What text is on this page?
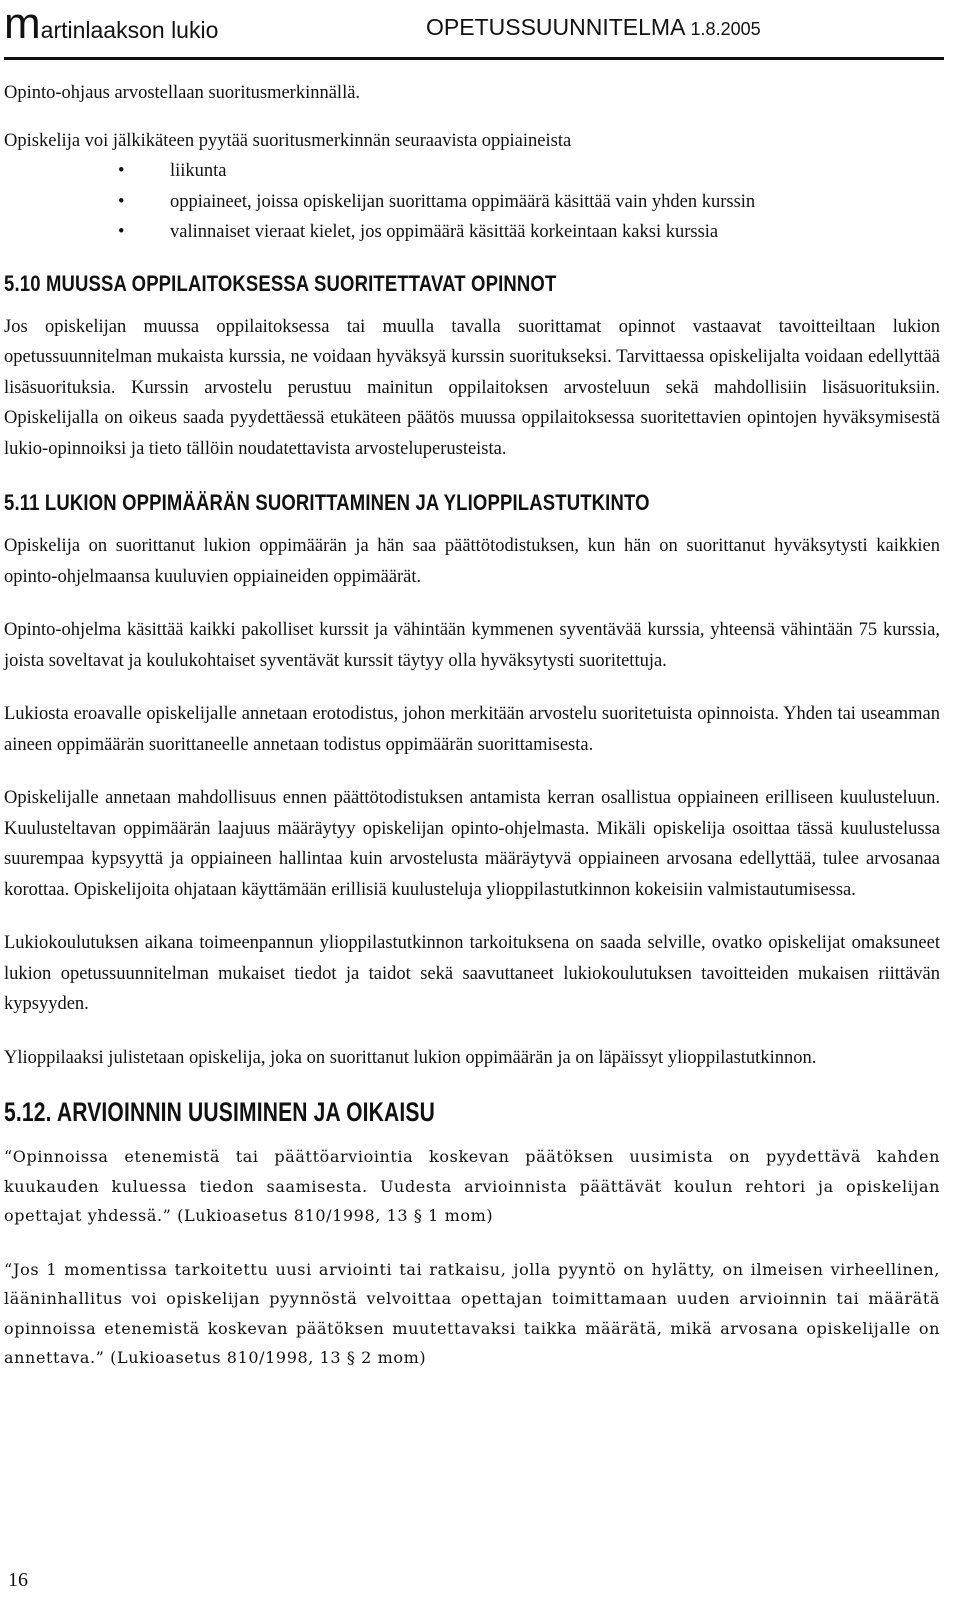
martinlaakson lukio	OPETUSSUUNNITELMA 1.8.2005

Opinto-ohjaus arvostellaan suoritusmerkinnällä.

Opiskelija voi jälkikäteen pyytää suoritusmerkinnän seuraavista oppiaineista

• liikunta
• oppiaineet, joissa opiskelijan suorittama oppimäärä käsittää vain yhden kurssin
• valinnaiset vieraat kielet, jos oppimäärä käsittää korkeintaan kaksi kurssia
5.10 MUUSSA OPPILAITOKSESSA SUORITETTAVAT OPINNOT

Jos opiskelijan muussa oppilaitoksessa tai muulla tavalla suorittamat opinnot vastaavat tavoitteiltaan lukion opetussuunnitelman mukaista kurssia, ne voidaan hyväksyä kurssin suoritukseksi. Tarvittaessa opiskelijalta voidaan edellyttää lisäsuorituksia. Kurssin arvostelu perustuu mainitun oppilaitoksen arvosteluun sekä mahdollisiin lisäsuorituksiin. Opiskelijalla on oikeus saada pyydettäessä etukäteen päätös muussa oppilaitoksessa suoritettavien opintojen hyväksymisestä lukio-opinnoiksi ja tieto tällöin noudatettavista arvosteluperusteista.

5.11 LUKION OPPIMÄÄRÄN SUORITTAMINEN JA YLIOPPILASTUTKINTO

Opiskelija on suorittanut lukion oppimäärän ja hän saa päättötodistuksen, kun hän on suorittanut hyväksytysti kaikkien opinto-ohjelmaansa kuuluvien oppiaineiden oppimäärät.

Opinto-ohjelma käsittää kaikki pakolliset kurssit ja vähintään kymmenen syventävää kurssia, yhteensä vähintään 75 kurssia, joista soveltavat ja koulukohtaiset syventävät kurssit täytyy olla hyväksytysti suoritettuja.

Lukiosta eroavalle opiskelijalle annetaan erotodistus, johon merkitään arvostelu suoritetuista opinnoista. Yhden tai useamman aineen oppimäärän suorittaneelle annetaan todistus oppimäärän suorittamisesta.

Opiskelijalle annetaan mahdollisuus ennen päättötodistuksen antamista kerran osallistua oppiaineen erilliseen kuulusteluun. Kuulusteltavan oppimäärän laajuus määräytyy opiskelijan opinto-ohjelmasta. Mikäli opiskelija osoittaa tässä kuulustelussa suurempaa kypsyyttä ja oppiaineen hallintaa kuin arvostelusta määräytyvä oppiaineen arvosana edellyttää, tulee arvosanaa korottaa. Opiskelijoita ohjataan käyttämään erillisiä kuulusteluja ylioppilastutkinnon kokeisiin valmistautumisessa.

Lukiokoulutuksen aikana toimeenpannun ylioppilastutkinnon tarkoituksena on saada selville, ovatko opiskelijat omaksuneet lukion opetussuunnitelman mukaiset tiedot ja taidot sekä saavuttaneet lukiokoulutuksen tavoitteiden mukaisen riittävän kypsyyden.

Ylioppilaaksi julistetaan opiskelija, joka on suorittanut lukion oppimäärän ja on läpäissyt ylioppilastutkinnon.

5.12. ARVIOINNIN UUSIMINEN JA OIKAISU

“Opinnoissa etenemistä tai päättöarviointia koskevan päätöksen uusimista on pyydettävä kahden kuukauden kuluessa tiedon saamisesta. Uudesta arvioinnista päättävät koulun rehtori ja opiskelijan opettajat yhdessä.” (Lukioasetus 810/1998, 13 § 1 mom)

“Jos 1 momentissa tarkoitettu uusi arviointi tai ratkaisu, jolla pyyntö on hylätty, on ilmeisen virheellinen, lääninhallitus voi opiskelijan pyynnöstä velvoittaa opettajan toimittamaan uuden arvioinnin tai määrätä opinnoissa etenemistä koskevan päätöksen muutettavaksi taikka määrätä, mikä arvosana opiskelijalle on annettava.” (Lukioasetus 810/1998, 13 § 2 mom)

16
